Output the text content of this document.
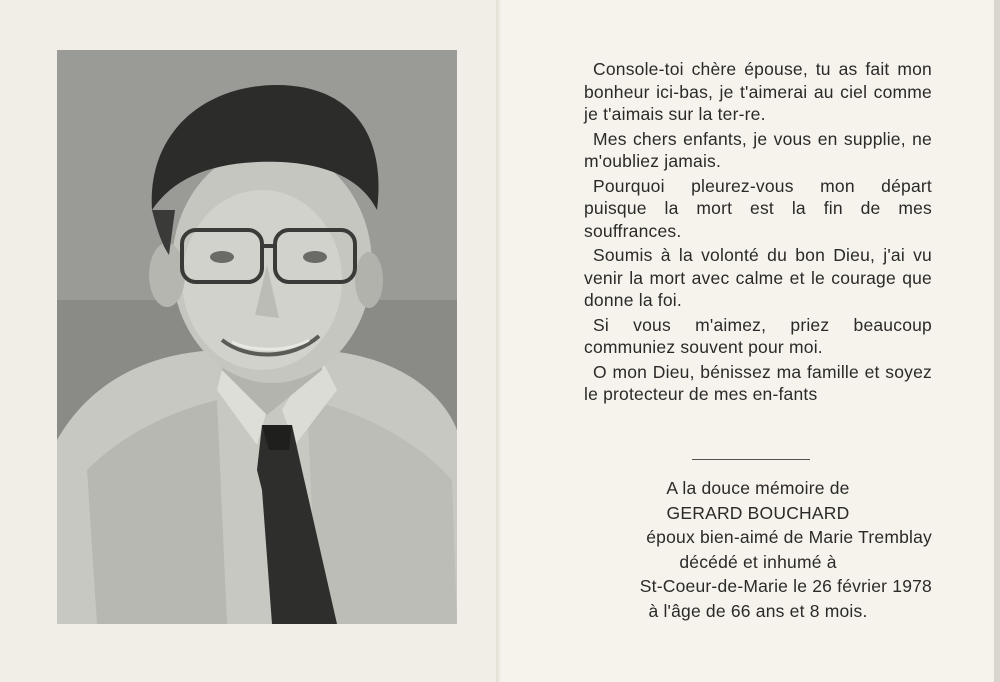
Console-toi chère épouse, tu as fait mon bonheur ici-bas, je t'aimerai au ciel comme je t'aimais sur la ter-re.

Mes chers enfants, je vous en supplie, ne m'oubliez jamais.

Pourquoi pleurez-vous mon départ puisque la mort est la fin de mes souffrances.

Soumis à la volonté du bon Dieu, j'ai vu venir la mort avec calme et le courage que donne la foi.

Si vous m'aimez, priez beaucoup communiez souvent pour moi.

O mon Dieu, bénissez ma famille et soyez le protecteur de mes en-fants

A la douce mémoire de
GERARD BOUCHARD
époux bien-aimé de Marie Tremblay
décédé et inhumé à
St-Coeur-de-Marie le 26 février 1978
à l'âge de 66 ans et 8 mois.
